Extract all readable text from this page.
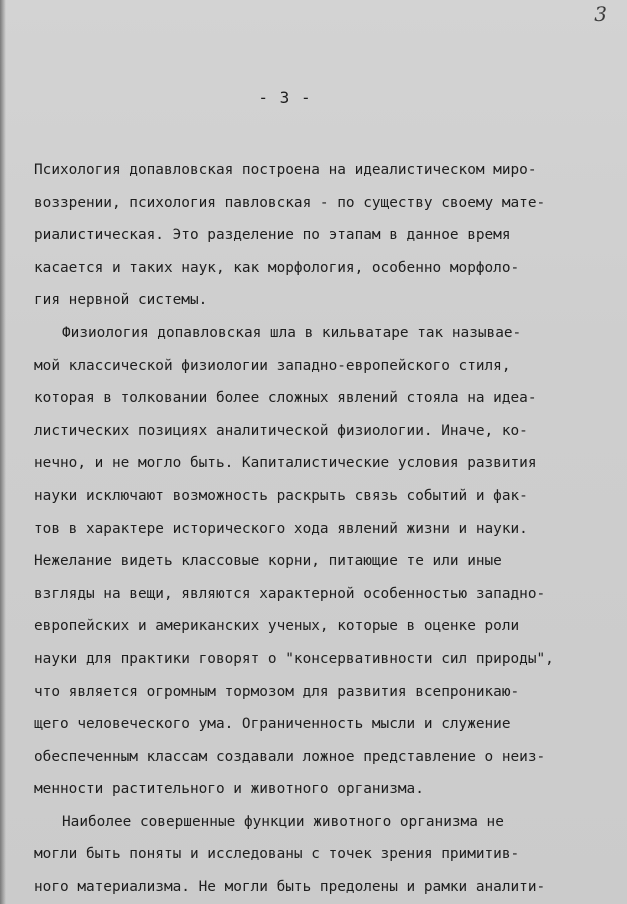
3
- 3 -
Психология допавловская построена на идеалистическом миро-
воззрении, психология павловская - по существу своему мате-
риалистическая. Это разделение по этапам в данное время
касается и таких наук, как морфология, особенно морфоло-
гия нервной системы.
Физиология допавловская шла в кильватаре так называе-
мой классической физиологии западно-европейского стиля,
которая в толковании более сложных явлений стояла на идеа-
листических позициях аналитической физиологии. Иначе, ко-
нечно, и не могло быть. Капиталистические условия развития
науки исключают возможность раскрыть связь событий и фак-
тов в характере исторического хода явлений жизни и науки.
Нежелание видеть классовые корни, питающие те или иные
взгляды на вещи, являются характерной особенностью западно-
европейских и американских ученых, которые в оценке роли
науки для практики говорят о "консервативности сил природы",
что является огромным тормозом для развития всепроникаю-
щего человеческого ума. Ограниченность мысли и служение
обеспеченным классам создавали ложное представление о неиз-
менности растительного и животного организма.
Наиболее совершенные функции животного организма не
могли быть поняты и исследованы с точек зрения примитив-
ного материализма. Не могли быть предолены и рамки аналити-
